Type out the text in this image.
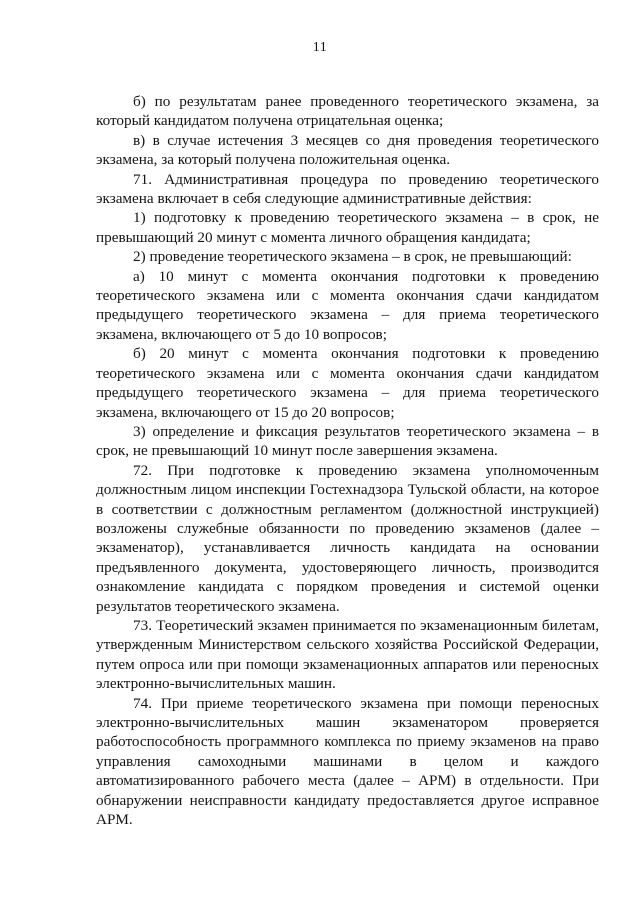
11

б) по результатам ранее проведенного теоретического экзамена, за который кандидатом получена отрицательная оценка;

в) в случае истечения 3 месяцев со дня проведения теоретического экзамена, за который получена положительная оценка.

71. Административная процедура по проведению теоретического экзамена включает в себя следующие административные действия:

1) подготовку к проведению теоретического экзамена – в срок, не превышающий 20 минут с момента личного обращения кандидата;

2) проведение теоретического экзамена – в срок, не превышающий:

а) 10 минут с момента окончания подготовки к проведению теоретического экзамена или с момента окончания сдачи кандидатом предыдущего теоретического экзамена – для приема теоретического экзамена, включающего от 5 до 10 вопросов;

б) 20 минут с момента окончания подготовки к проведению теоретического экзамена или с момента окончания сдачи кандидатом предыдущего теоретического экзамена – для приема теоретического экзамена, включающего от 15 до 20 вопросов;

3) определение и фиксация результатов теоретического экзамена – в срок, не превышающий 10 минут после завершения экзамена.

72. При подготовке к проведению экзамена уполномоченным должностным лицом инспекции Гостехнадзора Тульской области, на которое в соответствии с должностным регламентом (должностной инструкцией) возложены служебные обязанности по проведению экзаменов (далее – экзаменатор), устанавливается личность кандидата на основании предъявленного документа, удостоверяющего личность, производится ознакомление кандидата с порядком проведения и системой оценки результатов теоретического экзамена.

73. Теоретический экзамен принимается по экзаменационным билетам, утвержденным Министерством сельского хозяйства Российской Федерации, путем опроса или при помощи экзаменационных аппаратов или переносных электронно-вычислительных машин.

74. При приеме теоретического экзамена при помощи переносных электронно-вычислительных машин экзаменатором проверяется работоспособность программного комплекса по приему экзаменов на право управления самоходными машинами в целом и каждого автоматизированного рабочего места (далее – АРМ) в отдельности. При обнаружении неисправности кандидату предоставляется другое исправное АРМ.
